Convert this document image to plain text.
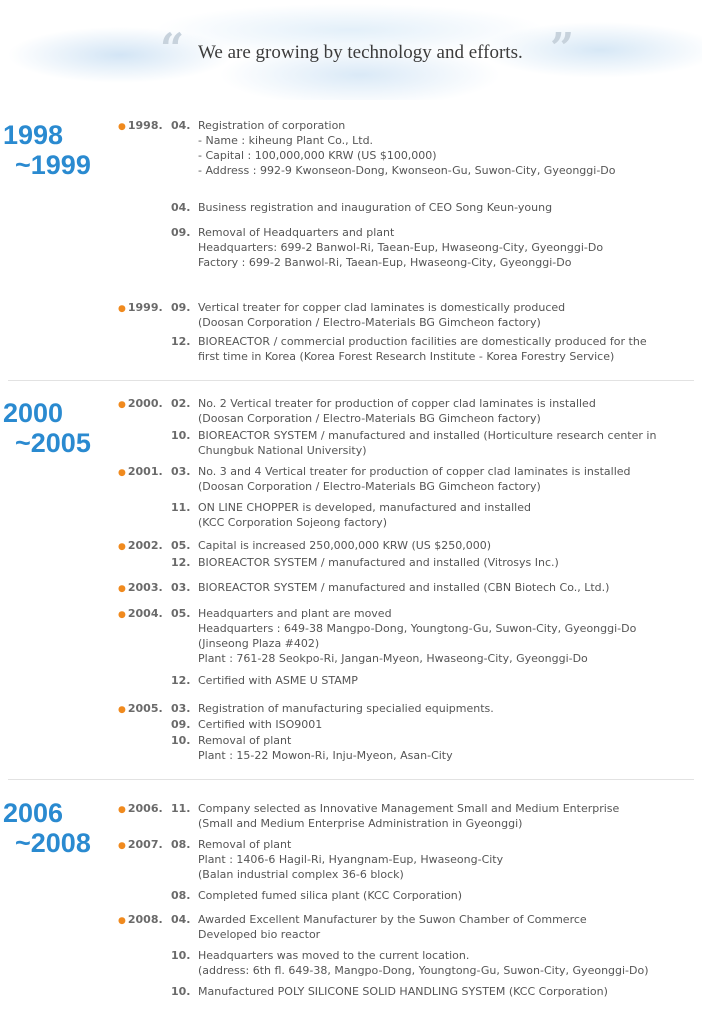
“ We are growing by technology and efforts. ”
1998
~1999
2000
~2005
2006
~2008
● 1998.
● 1999.
● 2000.
● 2001.
● 2002.
● 2003.
● 2004.
● 2005.
● 2006.
● 2007.
● 2008.
04. Registration of corporation
- Name : kiheung Plant Co., Ltd.
- Capital : 100,000,000 KRW (US $100,000)
- Address : 992-9 Kwonseon-Dong, Kwonseon-Gu, Suwon-City, Gyeonggi-Do
04. Business registration and inauguration of CEO Song Keun-young
09. Removal of Headquarters and plant
Headquarters: 699-2 Banwol-Ri, Taean-Eup, Hwaseong-City, Gyeonggi-Do
Factory : 699-2 Banwol-Ri, Taean-Eup, Hwaseong-City, Gyeonggi-Do
09. Vertical treater for copper clad laminates is domestically produced
(Doosan Corporation / Electro-Materials BG Gimcheon factory)
12. BIOREACTOR / commercial production facilities are domestically produced for the
first time in Korea (Korea Forest Research Institute - Korea Forestry Service)
02. No. 2 Vertical treater for production of copper clad laminates is installed
(Doosan Corporation / Electro-Materials BG Gimcheon factory)
10. BIOREACTOR SYSTEM / manufactured and installed (Horticulture research center in
Chungbuk National University)
03. No. 3 and 4 Vertical treater for production of copper clad laminates is installed
(Doosan Corporation / Electro-Materials BG Gimcheon factory)
11. ON LINE CHOPPER is developed, manufactured and installed
(KCC Corporation Sojeong factory)
05. Capital is increased 250,000,000 KRW (US $250,000)
12. BIOREACTOR SYSTEM / manufactured and installed (Vitrosys Inc.)
03. BIOREACTOR SYSTEM / manufactured and installed (CBN Biotech Co., Ltd.)
05. Headquarters and plant are moved
Headquarters : 649-38 Mangpo-Dong, Youngtong-Gu, Suwon-City, Gyeonggi-Do
(Jinseong Plaza #402)
Plant : 761-28 Seokpo-Ri, Jangan-Myeon, Hwaseong-City, Gyeonggi-Do
12. Certified with ASME U STAMP
03. Registration of manufacturing specialied equipments.
09. Certified with ISO9001
10. Removal of plant
Plant : 15-22 Mowon-Ri, Inju-Myeon, Asan-City
11. Company selected as Innovative Management Small and Medium Enterprise
(Small and Medium Enterprise Administration in Gyeonggi)
08. Removal of plant
Plant : 1406-6 Hagil-Ri, Hyangnam-Eup, Hwaseong-City
(Balan industrial complex 36-6 block)
08. Completed fumed silica plant (KCC Corporation)
04. Awarded Excellent Manufacturer by the Suwon Chamber of Commerce
Developed bio reactor
10. Headquarters was moved to the current location.
(address: 6th fl. 649-38, Mangpo-Dong, Youngtong-Gu, Suwon-City, Gyeonggi-Do)
10. Manufactured POLY SILICONE SOLID HANDLING SYSTEM (KCC Corporation)
